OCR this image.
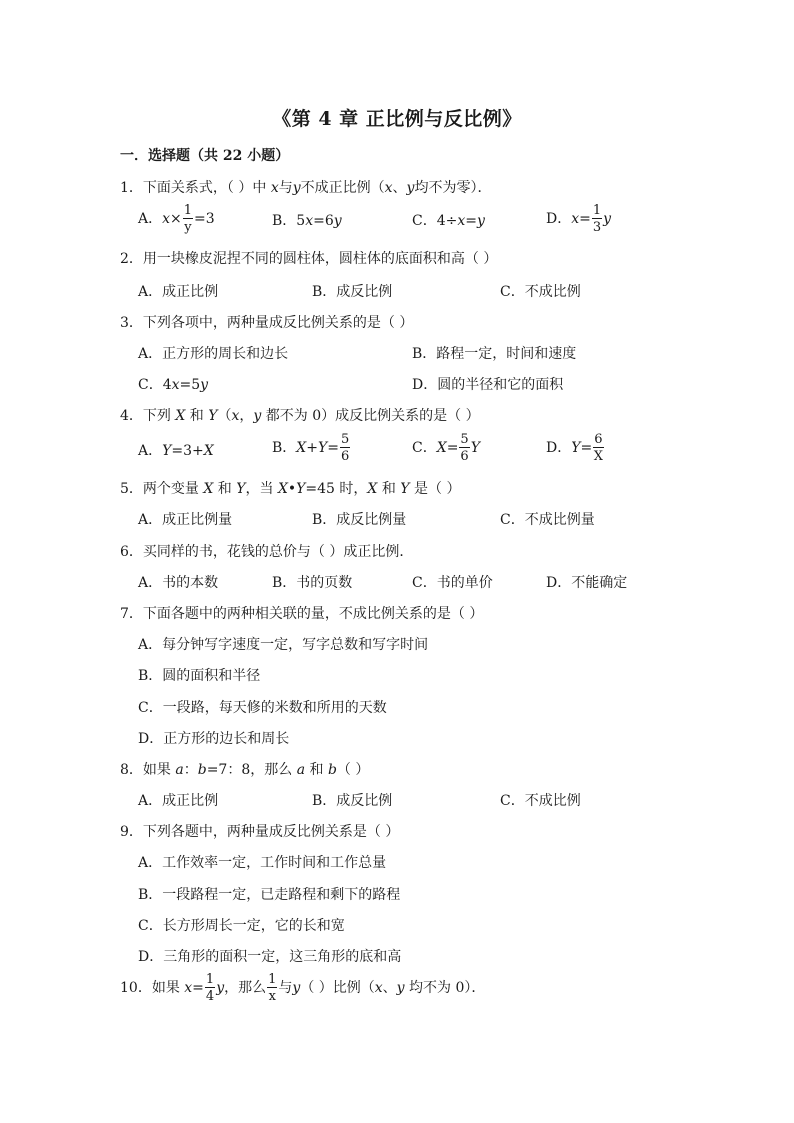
《第 4 章 正比例与反比例》
一．选择题（共 22 小题）
1．下面关系式，（ ）中 x与y不成正比例（x、y均不为零）．
A．$x\times \frac{1}{y} =3$	B．5x=6y	C．4÷x=y	D．$x= \frac{1}{3}$ y
2．用一块橡皮泥捏不同的圆柱体，圆柱体的底面积和高（ ）
A．成正比例	B．成反比例	C．不成比例
3．下列各项中，两种量成反比例关系的是（ ）
A．正方形的周长和边长	B．路程一定，时间和速度
C．4x=5y	D．圆的半径和它的面积
4．下列 X 和 Y（x，y 都不为 0）成反比例关系的是（ ）
A．Y=3+X	B．$X+Y= \frac{5}{6}$	C．$X= \frac{5}{6}$ Y	D．$Y= \frac{6}{X}$
5．两个变量 X 和 Y，当 X•Y=45 时，X 和 Y 是（ ）
A．成正比例量	B．成反比例量	C．不成比例量
6．买同样的书，花钱的总价与（ ）成正比例．
A．书的本数	B．书的页数	C．书的单价	D．不能确定
7．下面各题中的两种相关联的量，不成比例关系的是（ ）
A．每分钟写字速度一定，写字总数和写字时间
B．圆的面积和半径
C．一段路，每天修的米数和所用的天数
D．正方形的边长和周长
8．如果 a：b=7：8，那么 a 和 b（ ）
A．成正比例	B．成反比例	C．不成比例
9．下列各题中，两种量成反比例关系是（ ）
A．工作效率一定，工作时间和工作总量
B．一段路程一定，已走路程和剩下的路程
C．长方形周长一定，它的长和宽
D．三角形的面积一定，这三角形的底和高
10．如果 $x= \frac{1}{4}$ y，那么 $\frac{1}{x}$ 与y（ ）比例（x、y 均不为 0）．
